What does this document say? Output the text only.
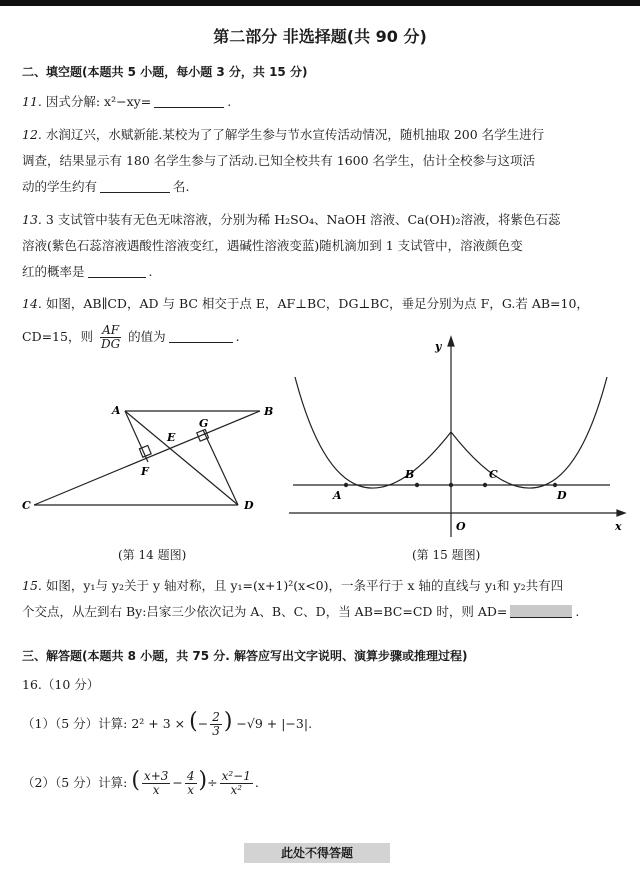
第二部分 非选择题(共 90 分)
二、填空题(本题共 5 小题，每小题 3 分，共 15 分)
11. 因式分解: x²−xy=	.
12. 水润辽兴，水赋新能.某校为了了解学生参与节水宣传活动情况，随机抽取 200 名学生进行
调查，结果显示有 180 名学生参与了活动.已知全校共有 1600 名学生，估计全校参与这项活
动的学生约有	名.
13. 3 支试管中装有无色无味溶液，分别为稀 H₂SO₄、NaOH 溶液、Ca(OH)₂溶液，将紫色石蕊
溶液(紫色石蕊溶液遇酸性溶液变红，遇碱性溶液变蓝)随机滴加到 1 支试管中，溶液颜色变
红的概率是	.
14. 如图，AB∥CD，AD 与 BC 相交于点 E，AF⊥BC，DG⊥BC，垂足分别为点 F，G.若 AB=10，
CD=15，则 $\frac{AF}{DG}$ 的值为	.
A	B
C	D
E
F
G
(第 14 题图)
y
x
O
A
B	C
D
(第 15 题图)
15. 如图，y₁与 y₂关于 y 轴对称，且 y₁=(x+1)²(x<0)，一条平行于 x 轴的直线与 y₁和 y₂共有四
个交点，从左到右 By:吕家三少依次记为 A、B、C、D，当 AB=BC=CD 时，则 AD=	.
三、解答题(本题共 8 小题，共 75 分. 解答应写出文字说明、演算步骤或推理过程)
16.（10 分）
（1）（5 分）计算: 2² + 3 × (− $\frac{2}{3}$ ) −√9 + |−3|.
（2）（5 分）计算: ( $\frac{x+3}{x} - \frac{4}{x}$ )÷ $\frac{\text{x²−1}}{\text{x²}}$ .
此处不得答题
